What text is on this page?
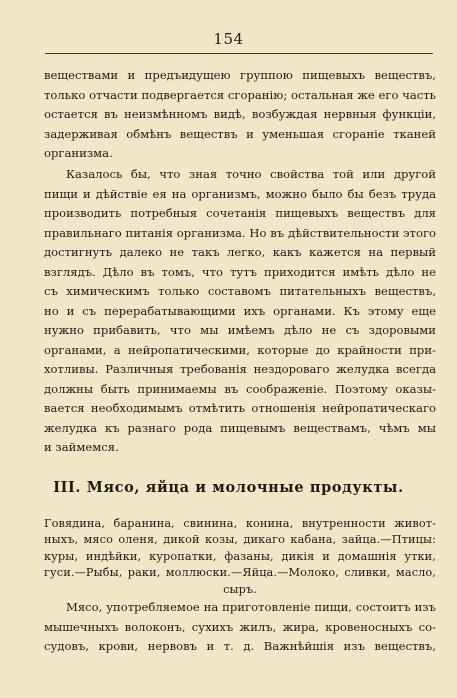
154
веществами и предъидущею группою пищевыхъ веществъ,
только отчасти подвергается сгоранію; остальная же его часть
остается въ неизмѣнномъ видѣ, возбуждая нервныя функціи,
задерживая обмѣнъ веществъ и уменьшая сгораніе тканей
организма.
Казалось бы, что зная точно свойства той или другой
пищи и дѣйствіе ея на организмъ, можно было бы безъ труда
производить потребныя сочетанія пищевыхъ веществъ для
правильнаго питанія организма. Но въ дѣйствительности этого
достигнуть далеко не такъ легко, какъ кажется на первый
взглядъ. Дѣло въ томъ, что тутъ приходится имѣть дѣло не
съ химическимъ только составомъ питательныхъ веществъ,
но и съ перерабатывающими ихъ органами. Къ этому еще
нужно прибавить, что мы имѣемъ дѣло не съ здоровыми
органами, а нейропатическими, которые до крайности при-
хотливы. Различныя требованія нездороваго желудка всегда
должны быть принимаемы въ соображеніе. Поэтому оказы-
вается необходимымъ отмѣтить отношенія нейропатическаго
желудка къ разнаго рода пищевымъ веществамъ, чѣмъ мы
и займемся.
III. Мясо, яйца и молочные продукты.
Говядина, баранина, свинина, конина, внутренности живот-
ныхъ, мясо оленя, дикой козы, дикаго кабана, зайца.—Птицы:
куры, индѣйки, куропатки, фазаны, дикія и домашнія утки,
гуси.—Рыбы, раки, моллюски.—Яйца.—Молоко, сливки, масло,
сыръ.
Мясо, употребляемое на приготовленіе пищи, состоитъ изъ
мышечныхъ волоконъ, сухихъ жилъ, жира, кровеносныхъ со-
судовъ, крови, нервовъ и т. д. Важнѣйшія изъ веществъ,
